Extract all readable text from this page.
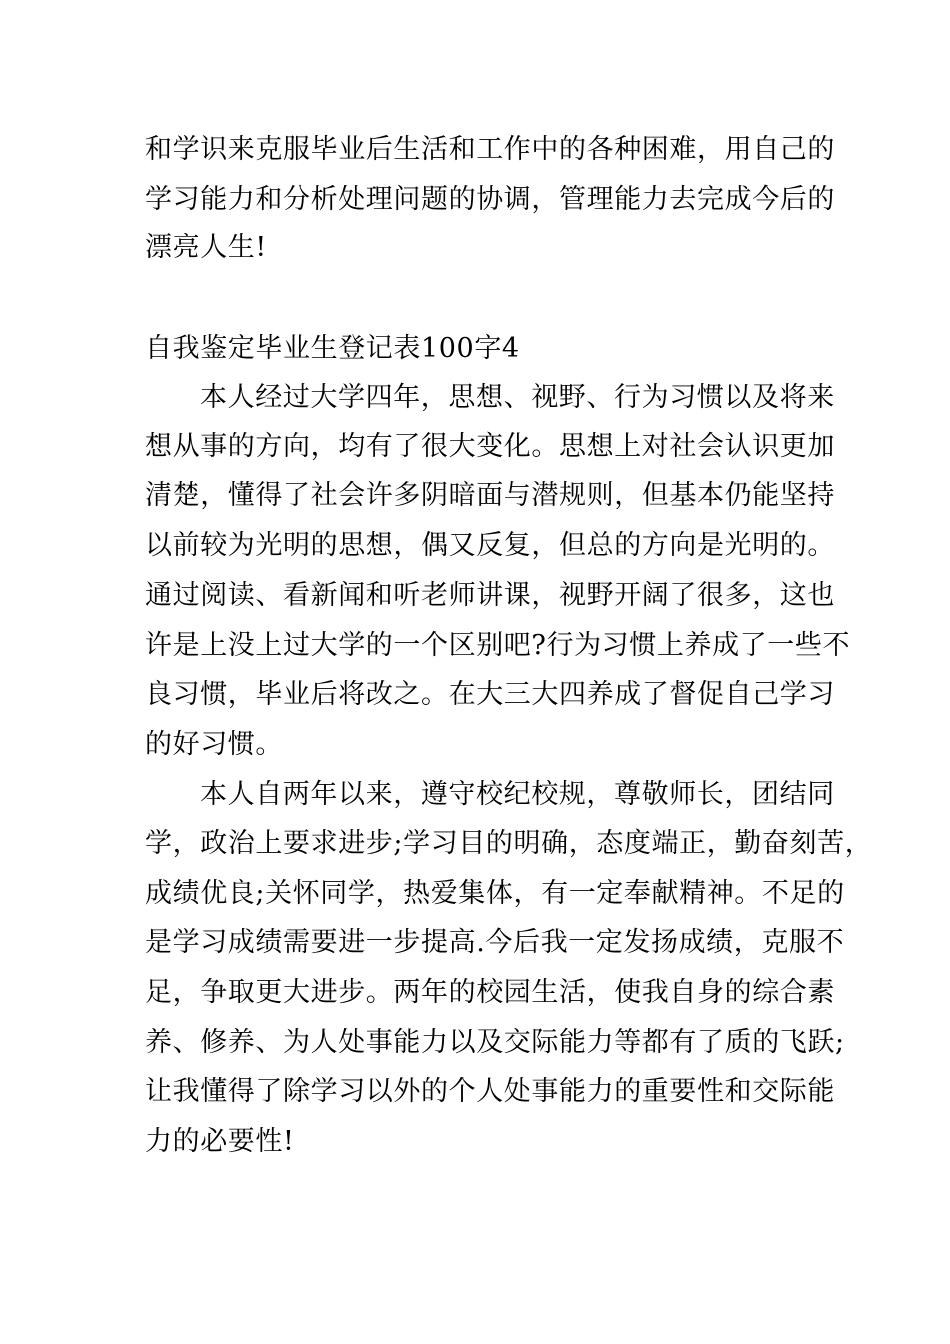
和学识来克服毕业后生活和工作中的各种困难，用自己的
学习能力和分析处理问题的协调，管理能力去完成今后的
漂亮人生!
自我鉴定毕业生登记表100字4
本人经过大学四年，思想、视野、行为习惯以及将来
想从事的方向，均有了很大变化。思想上对社会认识更加
清楚，懂得了社会许多阴暗面与潜规则，但基本仍能坚持
以前较为光明的思想，偶又反复，但总的方向是光明的。
通过阅读、看新闻和听老师讲课，视野开阔了很多，这也
许是上没上过大学的一个区别吧?行为习惯上养成了一些不
良习惯，毕业后将改之。在大三大四养成了督促自己学习
的好习惯。
本人自两年以来，遵守校纪校规，尊敬师长，团结同
学，政治上要求进步;学习目的明确，态度端正，勤奋刻苦，
成绩优良;关怀同学，热爱集体，有一定奉献精神。不足的
是学习成绩需要进一步提高.今后我一定发扬成绩，克服不
足，争取更大进步。两年的校园生活，使我自身的综合素
养、修养、为人处事能力以及交际能力等都有了质的飞跃;
让我懂得了除学习以外的个人处事能力的重要性和交际能
力的必要性!
